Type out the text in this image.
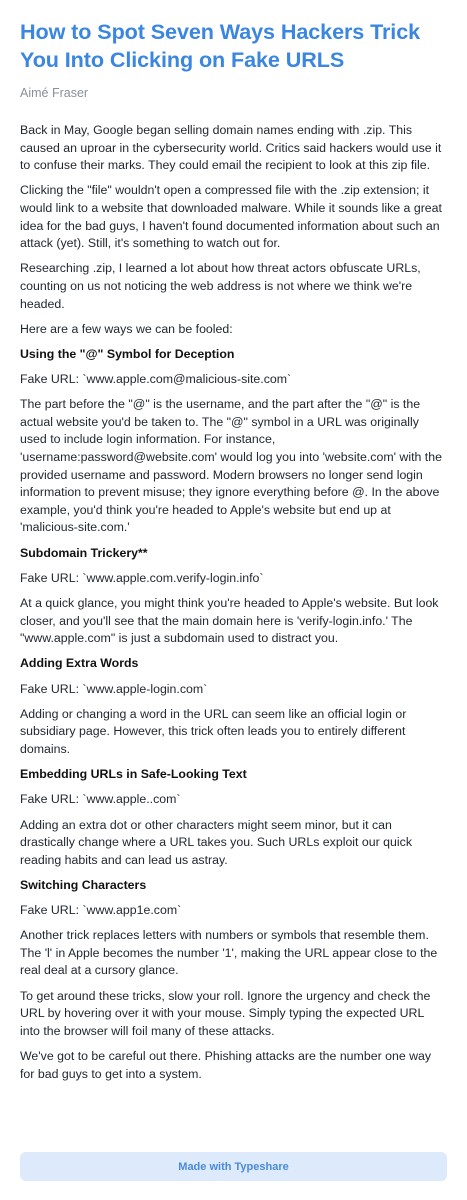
How to Spot Seven Ways Hackers Trick You Into Clicking on Fake URLS
Aimé Fraser

Back in May, Google began selling domain names ending with .zip. This caused an uproar in the cybersecurity world. Critics said hackers would use it to confuse their marks. They could email the recipient to look at this zip file.

Clicking the "file" wouldn't open a compressed file with the .zip extension; it would link to a website that downloaded malware. While it sounds like a great idea for the bad guys, I haven't found documented information about such an attack (yet). Still, it's something to watch out for.

Researching .zip, I learned a lot about how threat actors obfuscate URLs, counting on us not noticing the web address is not where we think we're headed.

Here are a few ways we can be fooled:

Using the "@" Symbol for Deception

Fake URL: `www.apple.com@malicious-site.com`

The part before the "@" is the username, and the part after the "@" is the actual website you'd be taken to. The "@" symbol in a URL was originally used to include login information. For instance, 'username:password@website.com' would log you into 'website.com' with the provided username and password. Modern browsers no longer send login information to prevent misuse; they ignore everything before @. In the above example, you'd think you're headed to Apple's website but end up at 'malicious-site.com.'

Subdomain Trickery**

Fake URL: `www.apple.com.verify-login.info`

At a quick glance, you might think you're headed to Apple's website. But look closer, and you'll see that the main domain here is 'verify-login.info.' The "www.apple.com" is just a subdomain used to distract you.

Adding Extra Words

Fake URL: `www.apple-login.com`

Adding or changing a word in the URL can seem like an official login or subsidiary page. However, this trick often leads you to entirely different domains.

Embedding URLs in Safe-Looking Text

Fake URL: `www.apple..com`

Adding an extra dot or other characters might seem minor, but it can drastically change where a URL takes you. Such URLs exploit our quick reading habits and can lead us astray.

Switching Characters

Fake URL: `www.app1e.com`

Another trick replaces letters with numbers or symbols that resemble them. The 'l' in Apple becomes the number '1', making the URL appear close to the real deal at a cursory glance.

To get around these tricks, slow your roll. Ignore the urgency and check the URL by hovering over it with your mouse. Simply typing the expected URL into the browser will foil many of these attacks.

We've got to be careful out there. Phishing attacks are the number one way for bad guys to get into a system.

Made with Typeshare
